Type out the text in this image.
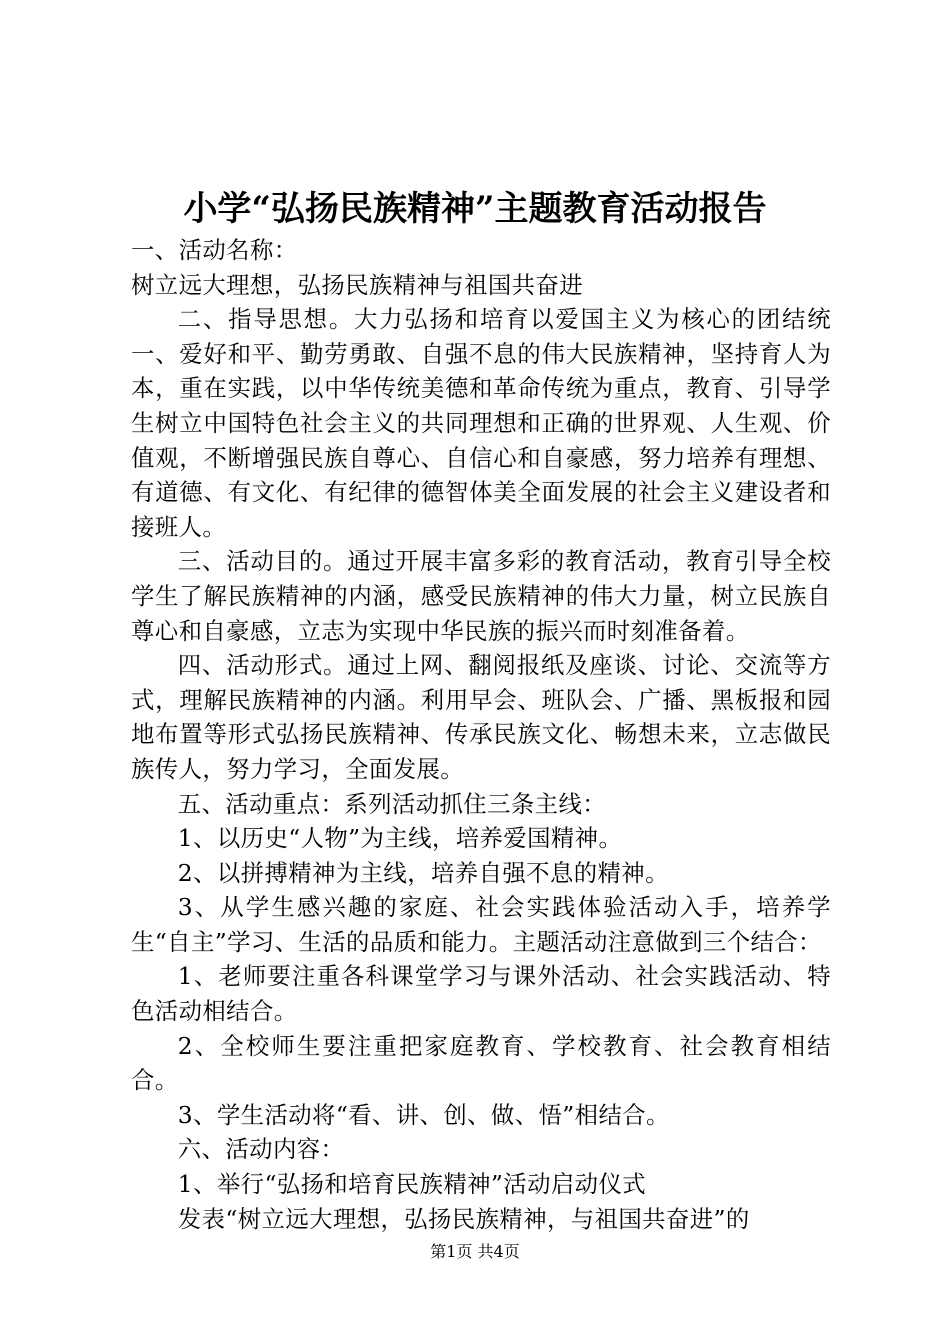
小学“弘扬民族精神”主题教育活动报告

一、活动名称：

树立远大理想，弘扬民族精神与祖国共奋进

二、指导思想。大力弘扬和培育以爱国主义为核心的团结统一、爱好和平、勤劳勇敢、自强不息的伟大民族精神，坚持育人为本，重在实践，以中华传统美德和革命传统为重点，教育、引导学生树立中国特色社会主义的共同理想和正确的世界观、人生观、价值观，不断增强民族自尊心、自信心和自豪感，努力培养有理想、有道德、有文化、有纪律的德智体美全面发展的社会主义建设者和接班人。

三、活动目的。通过开展丰富多彩的教育活动，教育引导全校学生了解民族精神的内涵，感受民族精神的伟大力量，树立民族自尊心和自豪感，立志为实现中华民族的振兴而时刻准备着。

四、活动形式。通过上网、翻阅报纸及座谈、讨论、交流等方式，理解民族精神的内涵。利用早会、班队会、广播、黑板报和园地布置等形式弘扬民族精神、传承民族文化、畅想未来，立志做民族传人，努力学习，全面发展。

五、活动重点：系列活动抓住三条主线：

1、以历史“人物”为主线，培养爱国精神。

2、以拼搏精神为主线，培养自强不息的精神。

3、从学生感兴趣的家庭、社会实践体验活动入手，培养学生“自主”学习、生活的品质和能力。主题活动注意做到三个结合：

1、老师要注重各科课堂学习与课外活动、社会实践活动、特色活动相结合。

2、全校师生要注重把家庭教育、学校教育、社会教育相结合。

3、学生活动将“看、讲、创、做、悟”相结合。

六、活动内容：

1、举行“弘扬和培育民族精神”活动启动仪式

发表“树立远大理想，弘扬民族精神，与祖国共奋进”的

第1页 共4页
